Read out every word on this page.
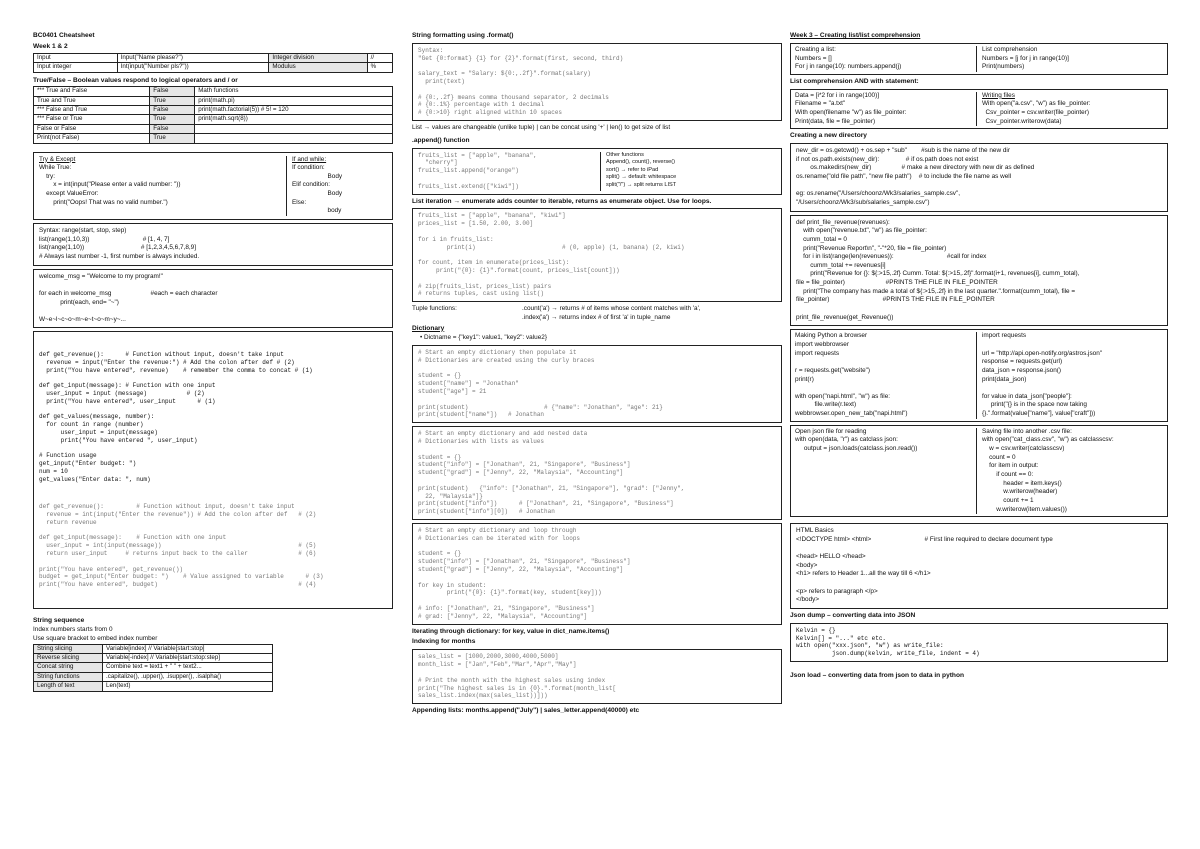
BC0401 Cheatsheet
Week 1 & 2
Input	Input("Name please?")	Integer division	//
Input integer	Int(input("Number pls?"))	Modulus	%
True/False – Boolean values respond to logical operators and / or
*** True and False	False	Math functions
True and True	True	print(math.pi)
*** False and True	False	print(math.factorial(5)) # 5! = 120
*** False or True	True	print(math.sqrt(8))
False or False	False	
Print(not False)	True	
Try & Except

While True:

try:

x = int(input("Please enter a valid number: "))

except ValueError:

print("Oops! That was no valid number.")

If and while:

If condition:

Body

Elif condition:

Body

Else:

body

Syntax: range(start, stop, step)

list(range(1,10,3))                              # [1, 4, 7]

list(range(1,10))                                # [1,2,3,4,5,6,7,8,9]

# Always last number -1, first number is always included.

welcome_msg = "Welcome to my program!"

for each in welcome_msg                      #each = each character

print(each, end= "~")

W~e~l~c~o~m~e~t~o~m~y~...

def get_revenue():      # Function without input, doesn't take input

revenue = input("Enter the revenue:") # Add the colon after def # (2)

print("You have entered", revenue)    # remember the comma to concat # (1)

def get_input(message): # Function with one input

user_input = input (message)           # (2)

print("You have entered", user_input      # (1)

def get_values(message, number):

for count in range (number)

user_input = input(message)

print("You have entered ", user_input)

# Function usage

get_input("Enter budget: ")

num = 10

get_values("Enter data: ", num)

def get_revenue():         # Function without input, doesn't take input

revenue = int(input("Enter the revenue")) # Add the colon after def   # (2)

return revenue

def get_input(message):    # Function with one input

user_input = int(input(message))                                      # (5)

return user_input     # returns input back to the caller              # (6)

print("You have entered", get_revenue())

budget = get_input("Enter budget: ")    # Value assigned to variable      # (3)

print("You have entered", budget)                                       # (4)

String sequence
Index numbers starts from 0
Use square bracket to embed index number
String slicing	Variable[index] // Variable[start:stop]
Reverse slicing	Variable[-index] // Variable[start:stop:step]
Concat string	Combine text = text1 + " " + text2...
String functions	.capitalize(), .upper(), .isupper(), .isalpha()
Length of text	Len(text)
String formatting using .format()

Syntax:

"Get {0:format} {1} for {2}".format(first, second, third)

salary_text = "Salary: ${0:,.2f}".format(salary)

print(text)

# {0:,.2f} means comma thousand separator, 2 decimals

# {0:.1%} percentage with 1 decimal

# {0:>10} right aligned within 10 spaces

List → values are changeable (unlike tuple) | can be concat using '+' | len() to get size of list
.append() function

fruits_list = ["apple", "banana",

"cherry"]

fruits_list.append("orange")

fruits_list.extend(["kiwi"])

Other functions

Append(), count(), reverse()

sort() → refer to iPad

split() → default: whitespace

split("/") → split returns LIST

List iteration → enumerate adds counter to iterable, returns as enumerate object. Use for loops.

fruits_list = ["apple", "banana", "kiwi"]

prices_list = [1.50, 2.00, 3.00]

for i in fruits_list:

print(i)                        # (0, apple) (1, banana) (2, kiwi)

for count, item in enumerate(prices_list):

print("{0}: {1}".format(count, prices_list[count]))

# zip(fruits_list, prices_list) pairs

# returns tuples, cast using list()

Tuple functions:	.count('a') → returns # of items whose content matches with 'a',

.index('a') → returns index # of first 'a' in tuple_name

Dictionary
• Dictname = {"key1": value1, "key2": value2}

# Start an empty dictionary then populate it

# Dictionaries are created using the curly braces

student = {}

student["name"] = "Jonathan"

student["age"] = 21

print(student)                     # {"name": "Jonathan", "age": 21}

print(student["name"])   # Jonathan

# Start an empty dictionary and add nested data

# Dictionaries with lists as values

student = {}

student["info"] = ["Jonathan", 21, "Singapore", "Business"]

student["grad"] = ["Jenny", 22, "Malaysia", "Accounting"]

print(student)   {"info": ["Jonathan", 21, "Singapore"], "grad": ["Jenny",

22, "Malaysia"]}

print(student["info"])      # ["Jonathan", 21, "Singapore", "Business"]

print(student["info"][0])   # Jonathan

# Start an empty dictionary and loop through

# Dictionaries can be iterated with for loops

student = {}

student["info"] = ["Jonathan", 21, "Singapore", "Business"]

student["grad"] = ["Jenny", 22, "Malaysia", "Accounting"]

for key in student:

print("{0}: {1}".format(key, student[key]))

# info: ["Jonathan", 21, "Singapore", "Business"]

# grad: ["Jenny", 22, "Malaysia", "Accounting"]

Iterating through dictionary: for key, value in dict_name.items()
Indexing for months

sales_list = [1000,2000,3000,4000,5000]

month_list = ["Jan","Feb","Mar","Apr","May"]

# Print the month with the highest sales using index

print("The highest sales is in {0}.".format(month_list[

sales_list.index(max(sales_list))]))

Appending lists: months.append("July") | sales_letter.append(40000) etc
Week 3 – Creating list/list comprehension

Creating a list:

Numbers = []

For j in range(10): numbers.append(j)

List comprehension

Numbers = [j for j in range(10)]

Print(numbers)

List comprehension AND with statement:

Data = [i*2 for i in range(100)]

Filename = "a.txt"

With open(filename "w") as file_pointer:

Print(data, file = file_pointer)

Writing files

With open("a.csv", "w") as file_pointer:

Csv_pointer = csv.writer(file_pointer)

Csv_pointer.writerow(data)

Creating a new directory

new_dir = os.getcwd() + os.sep + "sub"        #sub is the name of the new dir

if not os.path.exists(new_dir):               # if os.path does not exist

os.makedirs(new_dir)                 # make a new directory with new dir as defined

os.rename("old file path", "new file path")    # to include the file name as well

eg: os.rename("/Users/choonz/Wk3/salaries_sample.csv",

"/Users/choonz/Wk3/sub/salaries_sample.csv")

def print_file_revenue(revenues):

with open("revenue.txt", "w") as file_pointer:

cumm_total = 0

print("Revenue Report\n", "-"*20, file = file_pointer)

for i in list(range(len(revenues)):                              #call for index

cumm_total += revenues[i]

print("Revenue for {}: ${:>15,.2f} Cumm. Total: ${:>15,.2f}".format(i+1, revenues[i], cumm_total),

file = file_pointer)                       #PRINTS THE FILE IN FILE_POINTER

print("The company has made a total of ${:>15,.2f} in the last quarter.".format(cumm_total), file =

file_pointer)                              #PRINTS THE FILE IN FILE_POINTER

print_file_revenue(get_Revenue())

Making Python a browser

import webbrowser

import requests

r = requests.get("website")

print(r)

with open("napi.html", "w") as file:

file.write(r.text)

webbrowser.open_new_tab("napi.html")

import requests

url = "http://api.open-notify.org/astros.json"

response = requests.get(url)

data_json = response.json()

print(data_json)

for value in data_json["people"]:

print("{} is in the space now taking

{}.".format(value["name"], value["craft"]))

Open json file for reading

with open(data, "r") as catclass json:

output = json.loads(catclass.json.read())

Saving file into another .csv file:

with open("cat_class.csv", "w") as catclasscsv:

w = csv.writer(catclasscsv)

count = 0

for item in output:

if count == 0:

header = item.keys()

w.writerow(header)

count += 1

w.writerow(item.values())

HTML Basics

<!DOCTYPE html> <html>                              # First line required to declare document type

<head> HELLO </head>

<body>

<h1> refers to Header 1...all the way till 6 </h1>

<p> refers to paragraph </p>

</body>

Json dump – converting data into JSON

Kelvin = {}

Kelvin[] = "..." etc etc.

with open("xxx.json", "w") as write_file:

json.dump(kelvin, write_file, indent = 4)

Json load – converting data from json to data in python
